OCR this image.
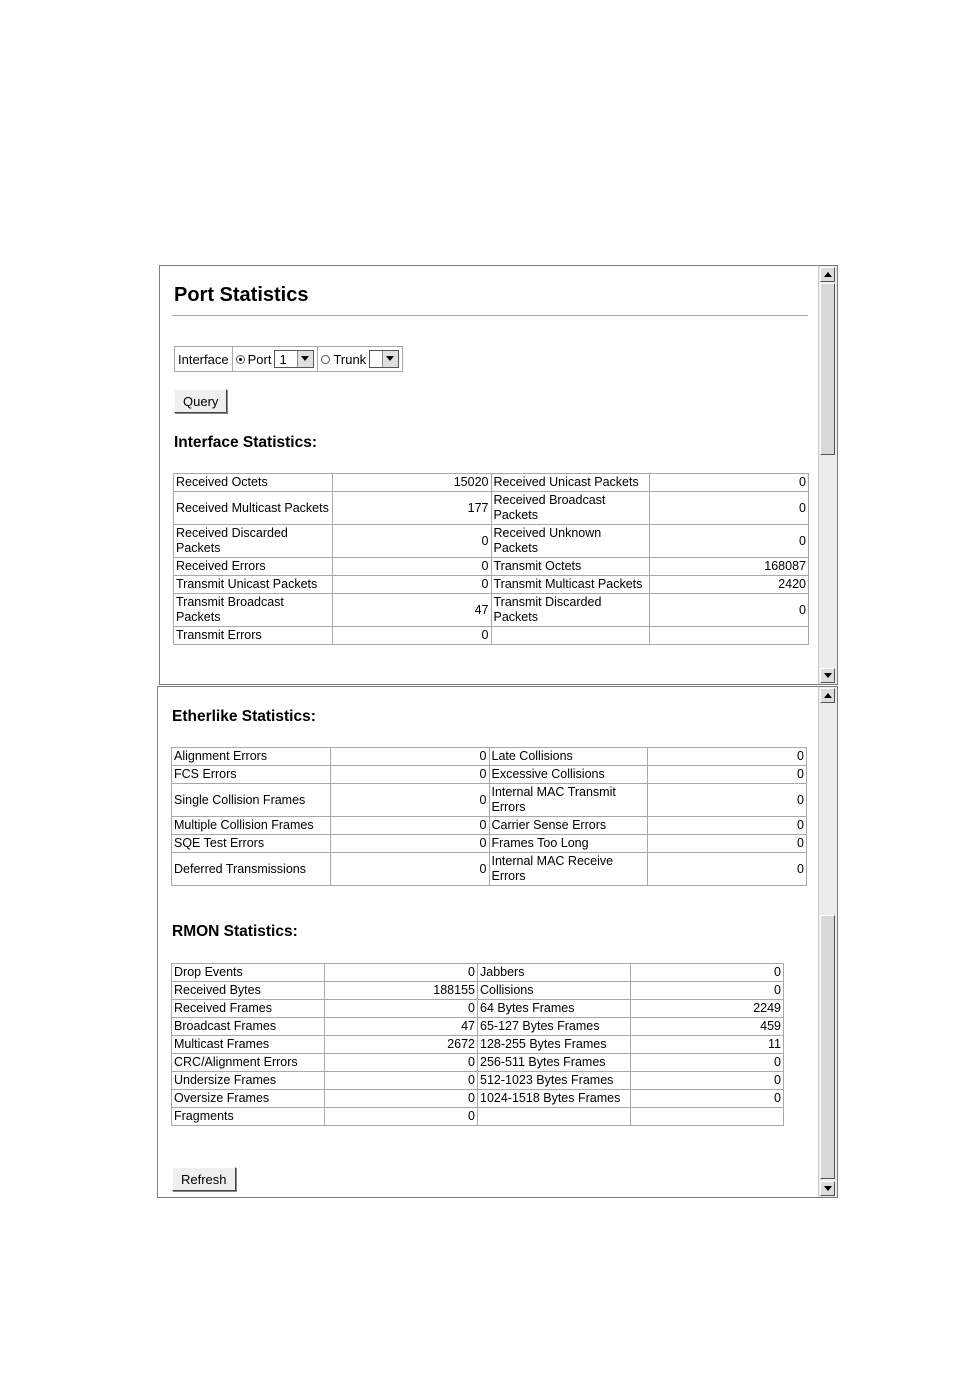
Port Statistics
Interface	Port 1	Trunk
Query
Interface Statistics:
Received Octets	15020	Received Unicast Packets	0
Received Multicast Packets	177	Received Broadcast Packets	0
Received Discarded Packets	0	Received Unknown Packets	0
Received Errors	0	Transmit Octets	168087
Transmit Unicast Packets	0	Transmit Multicast Packets	2420
Transmit Broadcast Packets	47	Transmit Discarded Packets	0
Transmit Errors	0		
Etherlike Statistics:
Alignment Errors	0	Late Collisions	0
FCS Errors	0	Excessive Collisions	0
Single Collision Frames	0	Internal MAC Transmit Errors	0
Multiple Collision Frames	0	Carrier Sense Errors	0
SQE Test Errors	0	Frames Too Long	0
Deferred Transmissions	0	Internal MAC Receive Errors	0
RMON Statistics:
Drop Events	0	Jabbers	0
Received Bytes	188155	Collisions	0
Received Frames	0	64 Bytes Frames	2249
Broadcast Frames	47	65-127 Bytes Frames	459
Multicast Frames	2672	128-255 Bytes Frames	11
CRC/Alignment Errors	0	256-511 Bytes Frames	0
Undersize Frames	0	512-1023 Bytes Frames	0
Oversize Frames	0	1024-1518 Bytes Frames	0
Fragments	0		
Refresh
